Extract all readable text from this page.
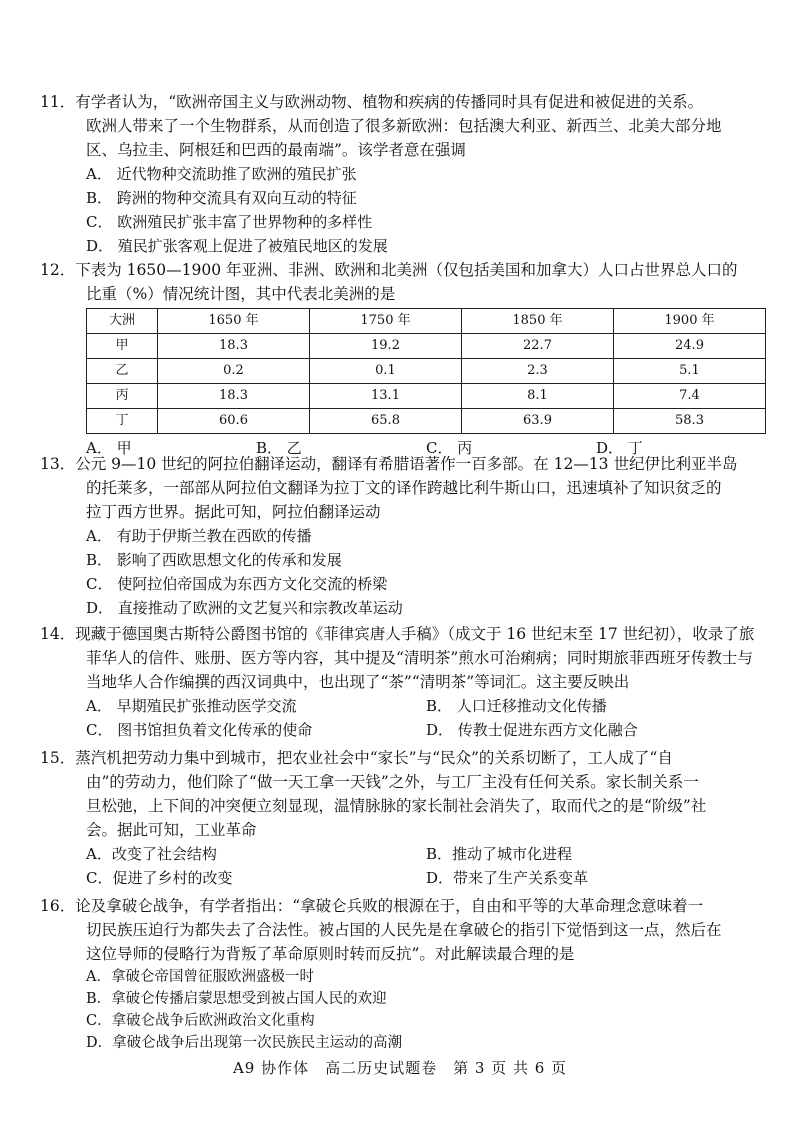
11．有学者认为，“欧洲帝国主义与欧洲动物、植物和疾病的传播同时具有促进和被促进的关系。
欧洲人带来了一个生物群系，从而创造了很多新欧洲：包括澳大利亚、新西兰、北美大部分地
区、乌拉圭、阿根廷和巴西的最南端”。该学者意在强调
A． 近代物种交流助推了欧洲的殖民扩张
B． 跨洲的物种交流具有双向互动的特征
C． 欧洲殖民扩张丰富了世界物种的多样性
D． 殖民扩张客观上促进了被殖民地区的发展
12．下表为 1650—1900 年亚洲、非洲、欧洲和北美洲（仅包括美国和加拿大）人口占世界总人口的
比重（%）情况统计图，其中代表北美洲的是
大洲	1650 年	1750 年	1850 年	1900 年
甲	18.3	19.2	22.7	24.9
乙	0.2	0.1	2.3	5.1
丙	18.3	13.1	8.1	7.4
丁	60.6	65.8	63.9	58.3
A． 甲	B． 乙	C． 丙	D． 丁
13．公元 9—10 世纪的阿拉伯翻译运动，翻译有希腊语著作一百多部。在 12—13 世纪伊比利亚半岛
的托莱多，一部部从阿拉伯文翻译为拉丁文的译作跨越比利牛斯山口，迅速填补了知识贫乏的
拉丁西方世界。据此可知，阿拉伯翻译运动
A． 有助于伊斯兰教在西欧的传播
B． 影响了西欧思想文化的传承和发展
C． 使阿拉伯帝国成为东西方文化交流的桥梁
D． 直接推动了欧洲的文艺复兴和宗教改革运动
14．现藏于德国奥古斯特公爵图书馆的《菲律宾唐人手稿》（成文于 16 世纪末至 17 世纪初），收录了旅
菲华人的信件、账册、医方等内容，其中提及“清明茶”煎水可治痢病；同时期旅菲西班牙传教士与
当地华人合作编撰的西汉词典中，也出现了“茶”“清明茶”等词汇。这主要反映出
A． 早期殖民扩张推动医学交流	B． 人口迁移推动文化传播
C． 图书馆担负着文化传承的使命	D． 传教士促进东西方文化融合
15．蒸汽机把劳动力集中到城市，把农业社会中“家长”与“民众”的关系切断了，工人成了“自
由”的劳动力，他们除了“做一天工拿一天钱”之外，与工厂主没有任何关系。家长制关系一
旦松弛，上下间的冲突便立刻显现，温情脉脉的家长制社会消失了，取而代之的是“阶级”社
会。据此可知，工业革命
A．改变了社会结构	B．推动了城市化进程
C．促进了乡村的改变	D．带来了生产关系变革
16．论及拿破仑战争，有学者指出：“拿破仑兵败的根源在于，自由和平等的大革命理念意味着一
切民族压迫行为都失去了合法性。被占国的人民先是在拿破仑的指引下觉悟到这一点，然后在
这位导师的侵略行为背叛了革命原则时转而反抗”。对此解读最合理的是
A．拿破仑帝国曾征服欧洲盛极一时
B．拿破仑传播启蒙思想受到被占国人民的欢迎
C．拿破仑战争后欧洲政治文化重构
D．拿破仑战争后出现第一次民族民主运动的高潮
A9 协作体　高二历史试题卷　第 3 页 共 6 页
